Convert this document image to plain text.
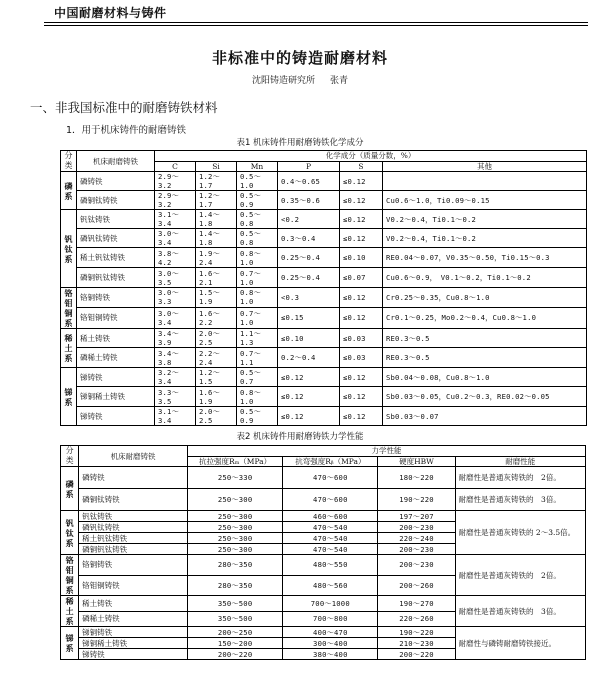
中国耐磨材料与铸件
非标准中的铸造耐磨材料
沈阳铸造研究所 张青
一、非我国标准中的耐磨铸铁材料
1．用于机床铸件的耐磨铸铁
表1 机床铸件用耐磨铸铁化学成分
分类	机床耐磨铸铁	化学成分（质量分数，%）					
		C	Si	Mn	P	S	其他
磷系	磷铸铁	2.9～3.2	1.2～1.7	0.5～1.0	0.4～0.65	≤0.12	
	磷铜钛铸铁	2.9～3.2	1.2～1.7	0.5～0.9	0.35～0.6	≤0.12	Cu0.6～1.0，Ti0.09～0.15
钒钛系	钒钛铸铁	3.1～3.4	1.4～1.8	0.5～0.8	<0.2	≤0.12	V0.2～0.4，Ti0.1～0.2
	磷钒钛铸铁	3.0～3.4	1.4～1.8	0.5～0.8	0.3～0.4	≤0.12	V0.2～0.4，Ti0.1～0.2
	稀土钒钛铸铁	3.8～4.2	1.9～2.4	0.8～1.0	0.25～0.4	≤0.10	RE0.04～0.07，V0.35～0.50，Ti0.15～0.3
	磷铜钒钛铸铁	3.0～3.5	1.6～2.1	0.7～1.0	0.25～0.4	≤0.07	Cu0.6～0.9，　V0.1～0.2，Ti0.1～0.2
铬钼铜系	铬铜铸铁	3.0～3.3	1.5～1.9	0.8～1.0	<0.3	≤0.12	Cr0.25～0.35，Cu0.8～1.0
	铬钼铜铸铁	3.0～3.4	1.6～2.2	0.7～1.0	≤0.15	≤0.12	Cr0.1～0.25，Mo0.2～0.4，Cu0.8～1.0
稀土系	稀土铸铁	3.4～3.9	2.0～2.5	1.1～1.3	≤0.10	≤0.03	RE0.3～0.5
	磷稀土铸铁	3.4～3.8	2.2～2.4	0.7～1.1	0.2～0.4	≤0.03	RE0.3～0.5
锑系	锑铸铁	3.2～3.4	1.2～1.5	0.5～0.7	≤0.12	≤0.12	Sb0.04～0.08，Cu0.8～1.0
	锑铜稀土铸铁	3.3～3.5	1.6～1.9	0.8～1.0	≤0.12	≤0.12	Sb0.03～0.05，Cu0.2～0.3，RE0.02～0.05
	锑铸铁	3.1～3.4	2.0～2.5	0.5～0.9	≤0.12	≤0.12	Sb0.03～0.07
表2 机床铸件用耐磨铸铁力学性能
分类	机床耐磨铸铁	力学性能			
		抗拉强度Rₘ（MPa）	抗弯强度Rᵦ（MPa）	硬度HBW	耐磨性能
磷系	磷铸铁	250～330	470～600	180～220	耐磨性是普通灰铸铁的　2倍。
	磷铜钛铸铁	250～300	470～600	190～220	耐磨性是普通灰铸铁的　3倍。
钒钛系	钒钛铸铁	250～300	460～600	197～207	耐磨性是普通灰铸铁的 2～3.5倍。
	磷钒钛铸铁	250～300	470～540	200～230	
	稀土钒钛铸铁	250～300	470～540	220～240	
	磷铜钒钛铸铁	250～300	470～540	200～230	
铬钼铜系	铬铜铸铁	280～350	480～550	200～230	耐磨性是普通灰铸铁的　2倍。
	铬钼铜铸铁	280～350	480～560	200～260	
稀土系	稀土铸铁	350～500	700～1000	190～270	耐磨性是普通灰铸铁的　3倍。
	磷稀土铸铁	350～500	700～800	220～260	
锑系	锑铜铸铁	200～250	400～470	190～220	耐磨性与磷铸耐磨铸铁接近。
	锑铜稀土铸铁	150～200	300～400	210～230	
	锑铸铁	200～220	380～400	200～220	
